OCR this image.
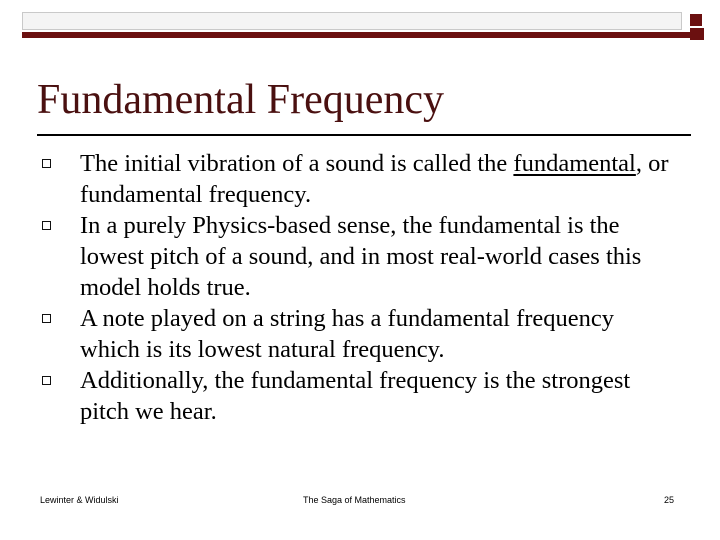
Fundamental Frequency
The initial vibration of a sound is called the fundamental, or fundamental frequency.
In a purely Physics-based sense, the fundamental is the lowest pitch of a sound, and in most real-world cases this model holds true.
A note played on a string has a fundamental frequency which is its lowest natural frequency.
Additionally, the fundamental frequency is the strongest pitch we hear.
Lewinter & Widulski	The Saga of Mathematics	25
